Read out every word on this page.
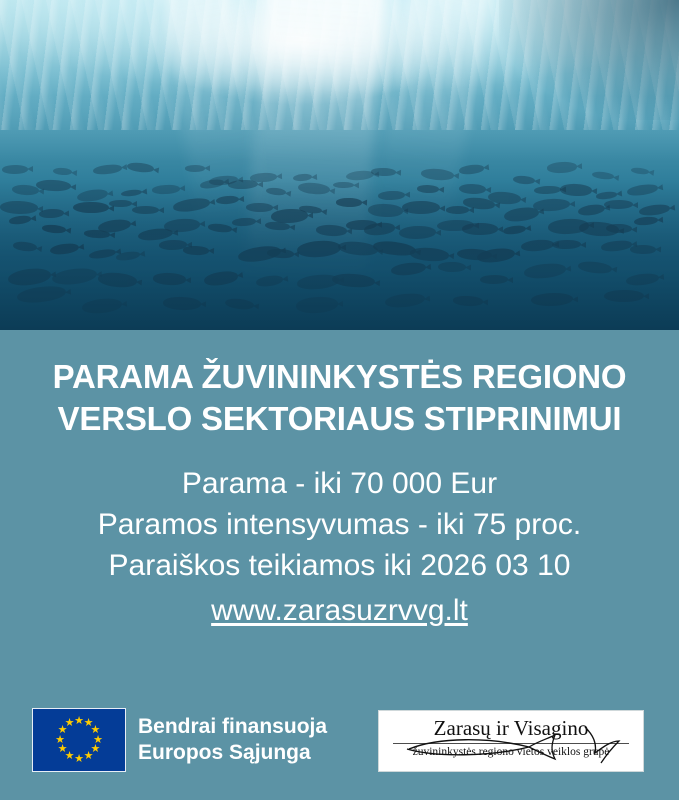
PARAMA ŽUVININKYSTĖS REGIONO
VERSLO SEKTORIAUS STIPRINIMUI
Parama - iki 70 000 Eur
Paramos intensyvumas - iki 75 proc.
Paraiškos teikiamos iki 2026 03 10
www.zarasuzrvvg.lt
★ ★
★
★
★
★
★
★
★
★
★
★	Bendrai finansuoja
Europos Sąjunga
Zarasų ir Visagino
žuvininkystės regiono vietos veiklos grupė
